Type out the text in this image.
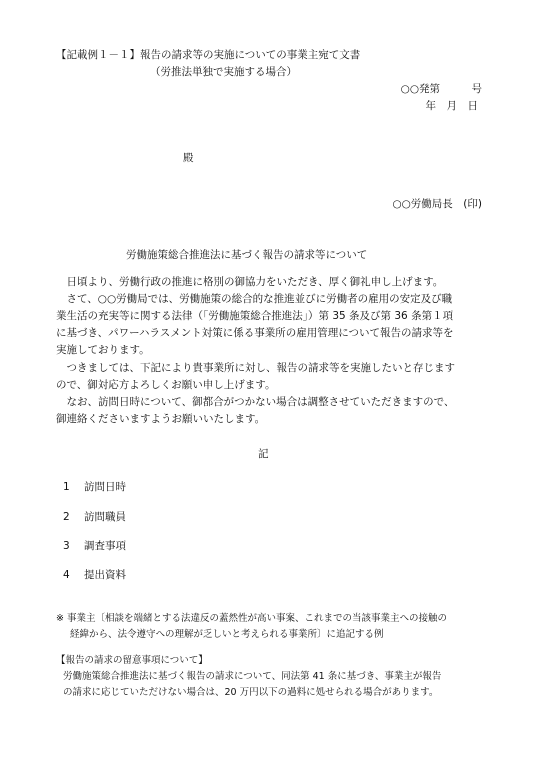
【記載例１－１】報告の請求等の実施についての事業主宛て文書
（労推法単独で実施する場合）
○○発第　　　号
年　月　日
殿
○○労働局長　(印)
労働施策総合推進法に基づく報告の請求等について
　日頃より、労働行政の推進に格別の御協力をいただき、厚く御礼申し上げます。
　さて、○○労働局では、労働施策の総合的な推進並びに労働者の雇用の安定及び職
業生活の充実等に関する法律（「労働施策総合推進法」）第 35 条及び第 36 条第１項
に基づき、パワーハラスメント対策に係る事業所の雇用管理について報告の請求等を
実施しております。
　つきましては、下記により貴事業所に対し、報告の請求等を実施したいと存じます
ので、御対応方よろしくお願い申し上げます。
　なお、訪問日時について、御都合がつかない場合は調整させていただきますので、
御連絡くださいますようお願いいたします。
記
1 訪問日時
2 訪問職員
3 調査事項
4 提出資料
※ 事業主〔相談を端緒とする法違反の蓋然性が高い事案、これまでの当該事業主への接触の
経緯から、法令遵守への理解が乏しいと考えられる事業所〕に追記する例
【報告の請求の留意事項について】
労働施策総合推進法に基づく報告の請求について、同法第 41 条に基づき、事業主が報告
の請求に応じていただけない場合は、20 万円以下の過料に処せられる場合があります。
